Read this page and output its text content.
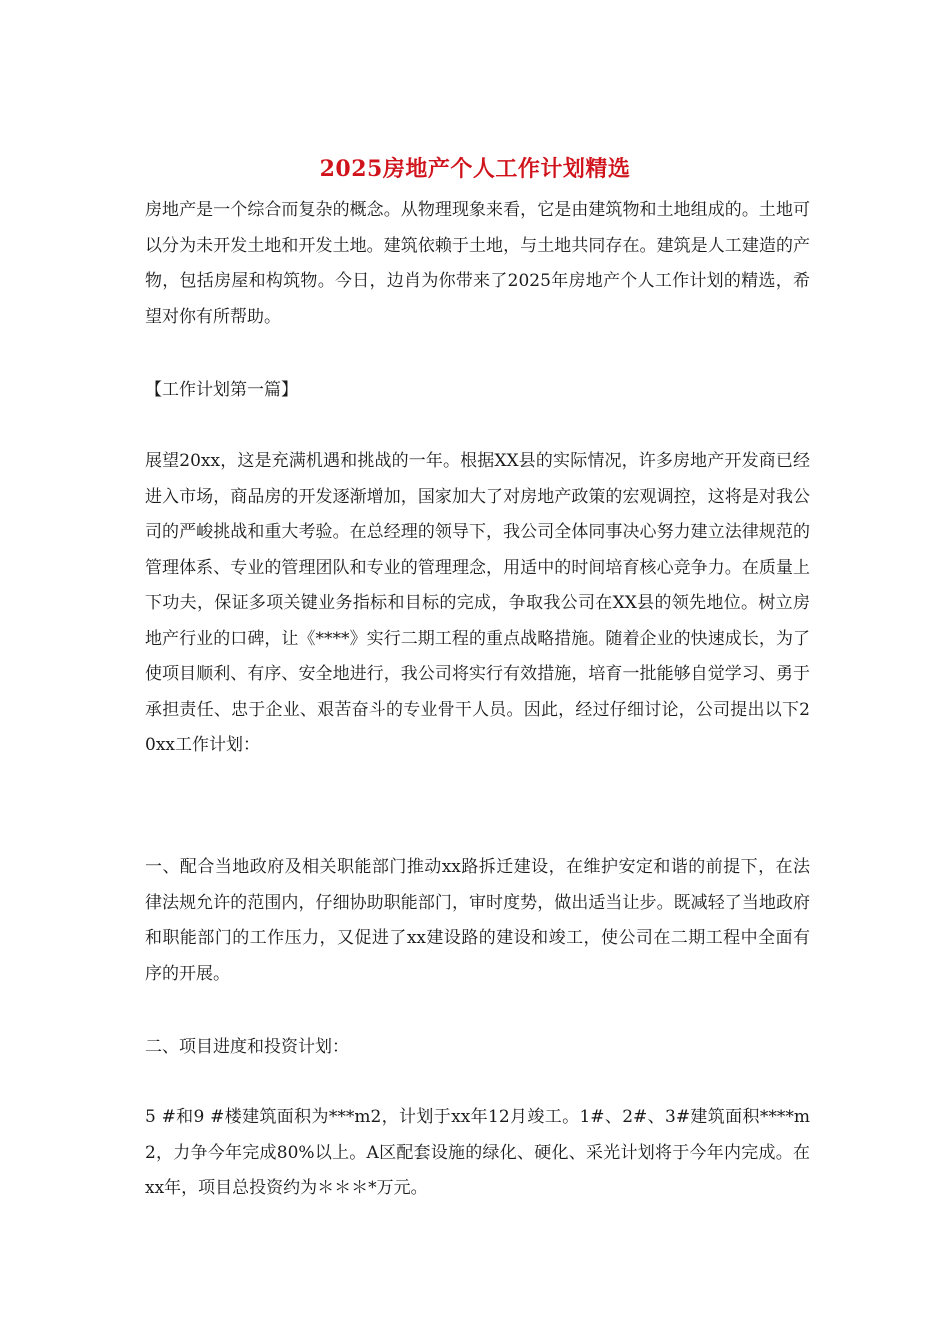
2025房地产个人工作计划精选

房地产是一个综合而复杂的概念。从物理现象来看，它是由建筑物和土地组成的。土地可以分为未开发土地和开发土地。建筑依赖于土地，与土地共同存在。建筑是人工建造的产物，包括房屋和构筑物。今日，边肖为你带来了2025年房地产个人工作计划的精选，希望对你有所帮助。

【工作计划第一篇】

展望20xx，这是充满机遇和挑战的一年。根据XX县的实际情况，许多房地产开发商已经进入市场，商品房的开发逐渐增加，国家加大了对房地产政策的宏观调控，这将是对我公司的严峻挑战和重大考验。在总经理的领导下，我公司全体同事决心努力建立法律规范的管理体系、专业的管理团队和专业的管理理念，用适中的时间培育核心竞争力。在质量上下功夫，保证多项关键业务指标和目标的完成，争取我公司在XX县的领先地位。树立房地产行业的口碑，让《****》实行二期工程的重点战略措施。随着企业的快速成长，为了使项目顺利、有序、安全地进行，我公司将实行有效措施，培育一批能够自觉学习、勇于承担责任、忠于企业、艰苦奋斗的专业骨干人员。因此，经过仔细讨论，公司提出以下20xx工作计划：

一、配合当地政府及相关职能部门推动xx路拆迁建设，在维护安定和谐的前提下，在法律法规允许的范围内，仔细协助职能部门，审时度势，做出适当让步。既减轻了当地政府和职能部门的工作压力，又促进了xx建设路的建设和竣工，使公司在二期工程中全面有序的开展。

二、项目进度和投资计划：

5 #和9 #楼建筑面积为***m2，计划于xx年12月竣工。1#、2#、3#建筑面积****m2，力争今年完成80%以上。A区配套设施的绿化、硬化、采光计划将于今年内完成。在xx年，项目总投资约为＊＊＊*万元。
